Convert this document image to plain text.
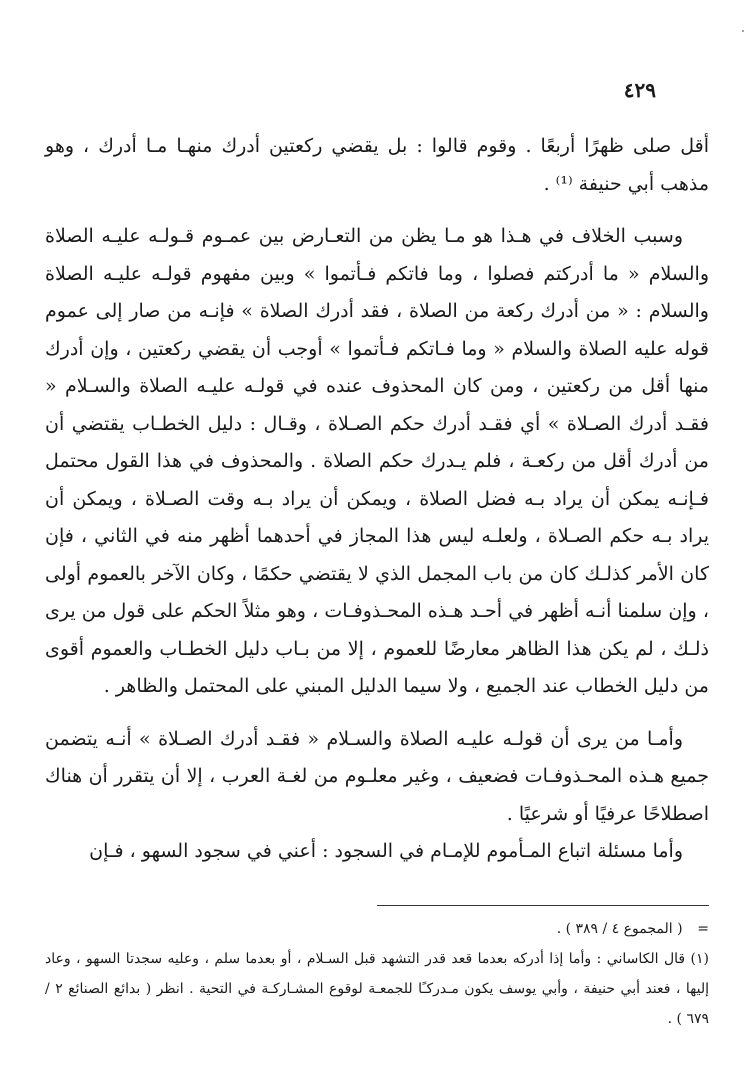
٤٢٩

أقل صلى ظهرًا أربعًا . وقوم قالوا : بل يقضي ركعتين أدرك منهـا مـا أدرك ، وهو مذهب أبي حنيفة ⁽¹⁾ .

وسبب الخلاف في هـذا هو مـا يظن من التعـارض بين عمـوم قـولـه عليـه الصلاة والسلام « ما أدركتم فصلوا ، وما فاتكم فـأتموا » وبين مفهوم قولـه عليـه الصلاة والسلام : « من أدرك ركعة من الصلاة ، فقد أدرك الصلاة » فإنـه من صار إلى عموم قوله عليه الصلاة والسلام « وما فـاتكم فـأتموا » أوجب أن يقضي ركعتين ، وإن أدرك منها أقل من ركعتين ، ومن كان المحذوف عنده في قولـه عليـه الصلاة والسـلام « فقـد أدرك الصـلاة » أي فقـد أدرك حكم الصـلاة ، وقـال : دليل الخطـاب يقتضي أن من أدرك أقل من ركعـة ، فلم يـدرك حكم الصلاة . والمحذوف في هذا القول محتمل فـإنـه يمكن أن يراد بـه فضل الصلاة ، ويمكن أن يراد بـه وقت الصـلاة ، ويمكن أن يراد بـه حكم الصـلاة ، ولعلـه ليس هذا المجاز في أحدهما أظهر منه في الثاني ، فإن كان الأمر كذلـك كان من باب المجمل الذي لا يقتضي حكمًا ، وكان الآخر بالعموم أولى ، وإن سلمنا أنـه أظهر في أحـد هـذه المحـذوفـات ، وهو مثلاً الحكم على قول من يرى ذلـك ، لم يكن هذا الظاهر معارضًا للعموم ، إلا من بـاب دليل الخطـاب والعموم أقوى من دليل الخطاب عند الجميع ، ولا سيما الدليل المبني على المحتمل والظاهر .

وأمـا من يرى أن قولـه عليـه الصلاة والسـلام « فقـد أدرك الصـلاة » أنـه يتضمن جميع هـذه المحـذوفـات فضعيف ، وغير معلـوم من لغـة العرب ، إلا أن يتقرر أن هناك اصطلاحًا عرفيًا أو شرعيًا .

وأما مسئلة اتباع المـأموم للإمـام في السجود : أعني في سجود السهو ، فـإن

= ( المجموع ٤ / ٣٨٩ ) .

(١) قال الكاساني : وأما إذا أدركه بعدما قعد قدر التشهد قبل السـلام ، أو بعدما سلم ، وعليه سجدتا السهو ، وعاد إليها ، فعند أبي حنيفة ، وأبي يوسف يكون مـدركـًا للجمعـة لوقوع المشـاركـة في التحية . انظر ( بدائع الصنائع ٢ / ٦٧٩ ) .
